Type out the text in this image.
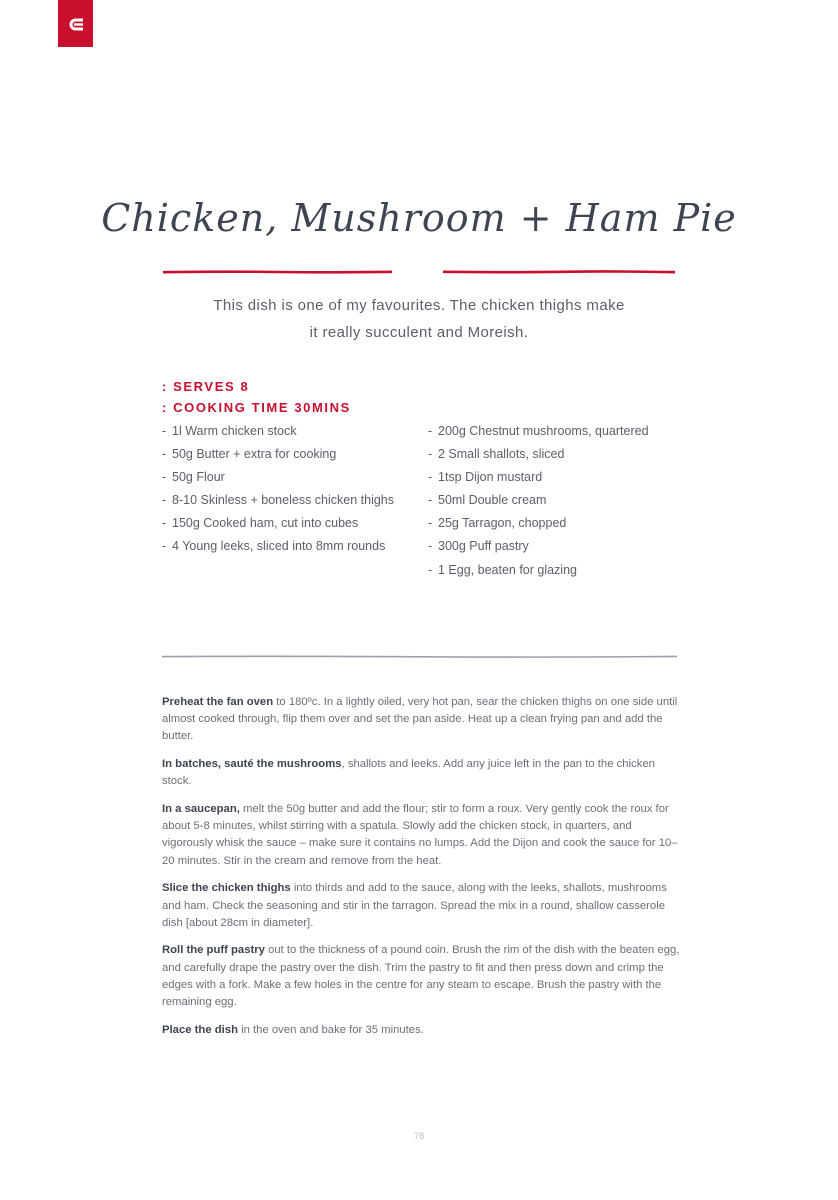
Chicken, Mushroom + Ham Pie
This dish is one of my favourites. The chicken thighs make
it really succulent and Moreish.
: SERVES 8
: COOKING TIME 30MINS
- 1l Warm chicken stock
- 50g Butter + extra for cooking
- 50g Flour
- 8-10 Skinless + boneless chicken thighs
- 150g Cooked ham, cut into cubes
- 4 Young leeks, sliced into 8mm rounds
- 200g Chestnut mushrooms, quartered
- 2 Small shallots, sliced
- 1tsp Dijon mustard
- 50ml Double cream
- 25g Tarragon, chopped
- 300g Puff pastry
- 1 Egg, beaten for glazing

Preheat the fan oven to 180ºc. In a lightly oiled, very hot pan, sear the chicken thighs on one side until almost cooked through, flip them over and set the pan aside. Heat up a clean frying pan and add the butter.

In batches, sauté the mushrooms, shallots and leeks. Add any juice left in the pan to the chicken stock.

In a saucepan, melt the 50g butter and add the flour; stir to form a roux. Very gently cook the roux for about 5-8 minutes, whilst stirring with a spatula. Slowly add the chicken stock, in quarters, and vigorously whisk the sauce – make sure it contains no lumps. Add the Dijon and cook the sauce for 10–20 minutes. Stir in the cream and remove from the heat.

Slice the chicken thighs into thirds and add to the sauce, along with the leeks, shallots, mushrooms and ham. Check the seasoning and stir in the tarragon. Spread the mix in a round, shallow casserole dish [about 28cm in diameter].

Roll the puff pastry out to the thickness of a pound coin. Brush the rim of the dish with the beaten egg, and carefully drape the pastry over the dish. Trim the pastry to fit and then press down and crimp the edges with a fork. Make a few holes in the centre for any steam to escape. Brush the pastry with the remaining egg.

Place the dish in the oven and bake for 35 minutes.

78
